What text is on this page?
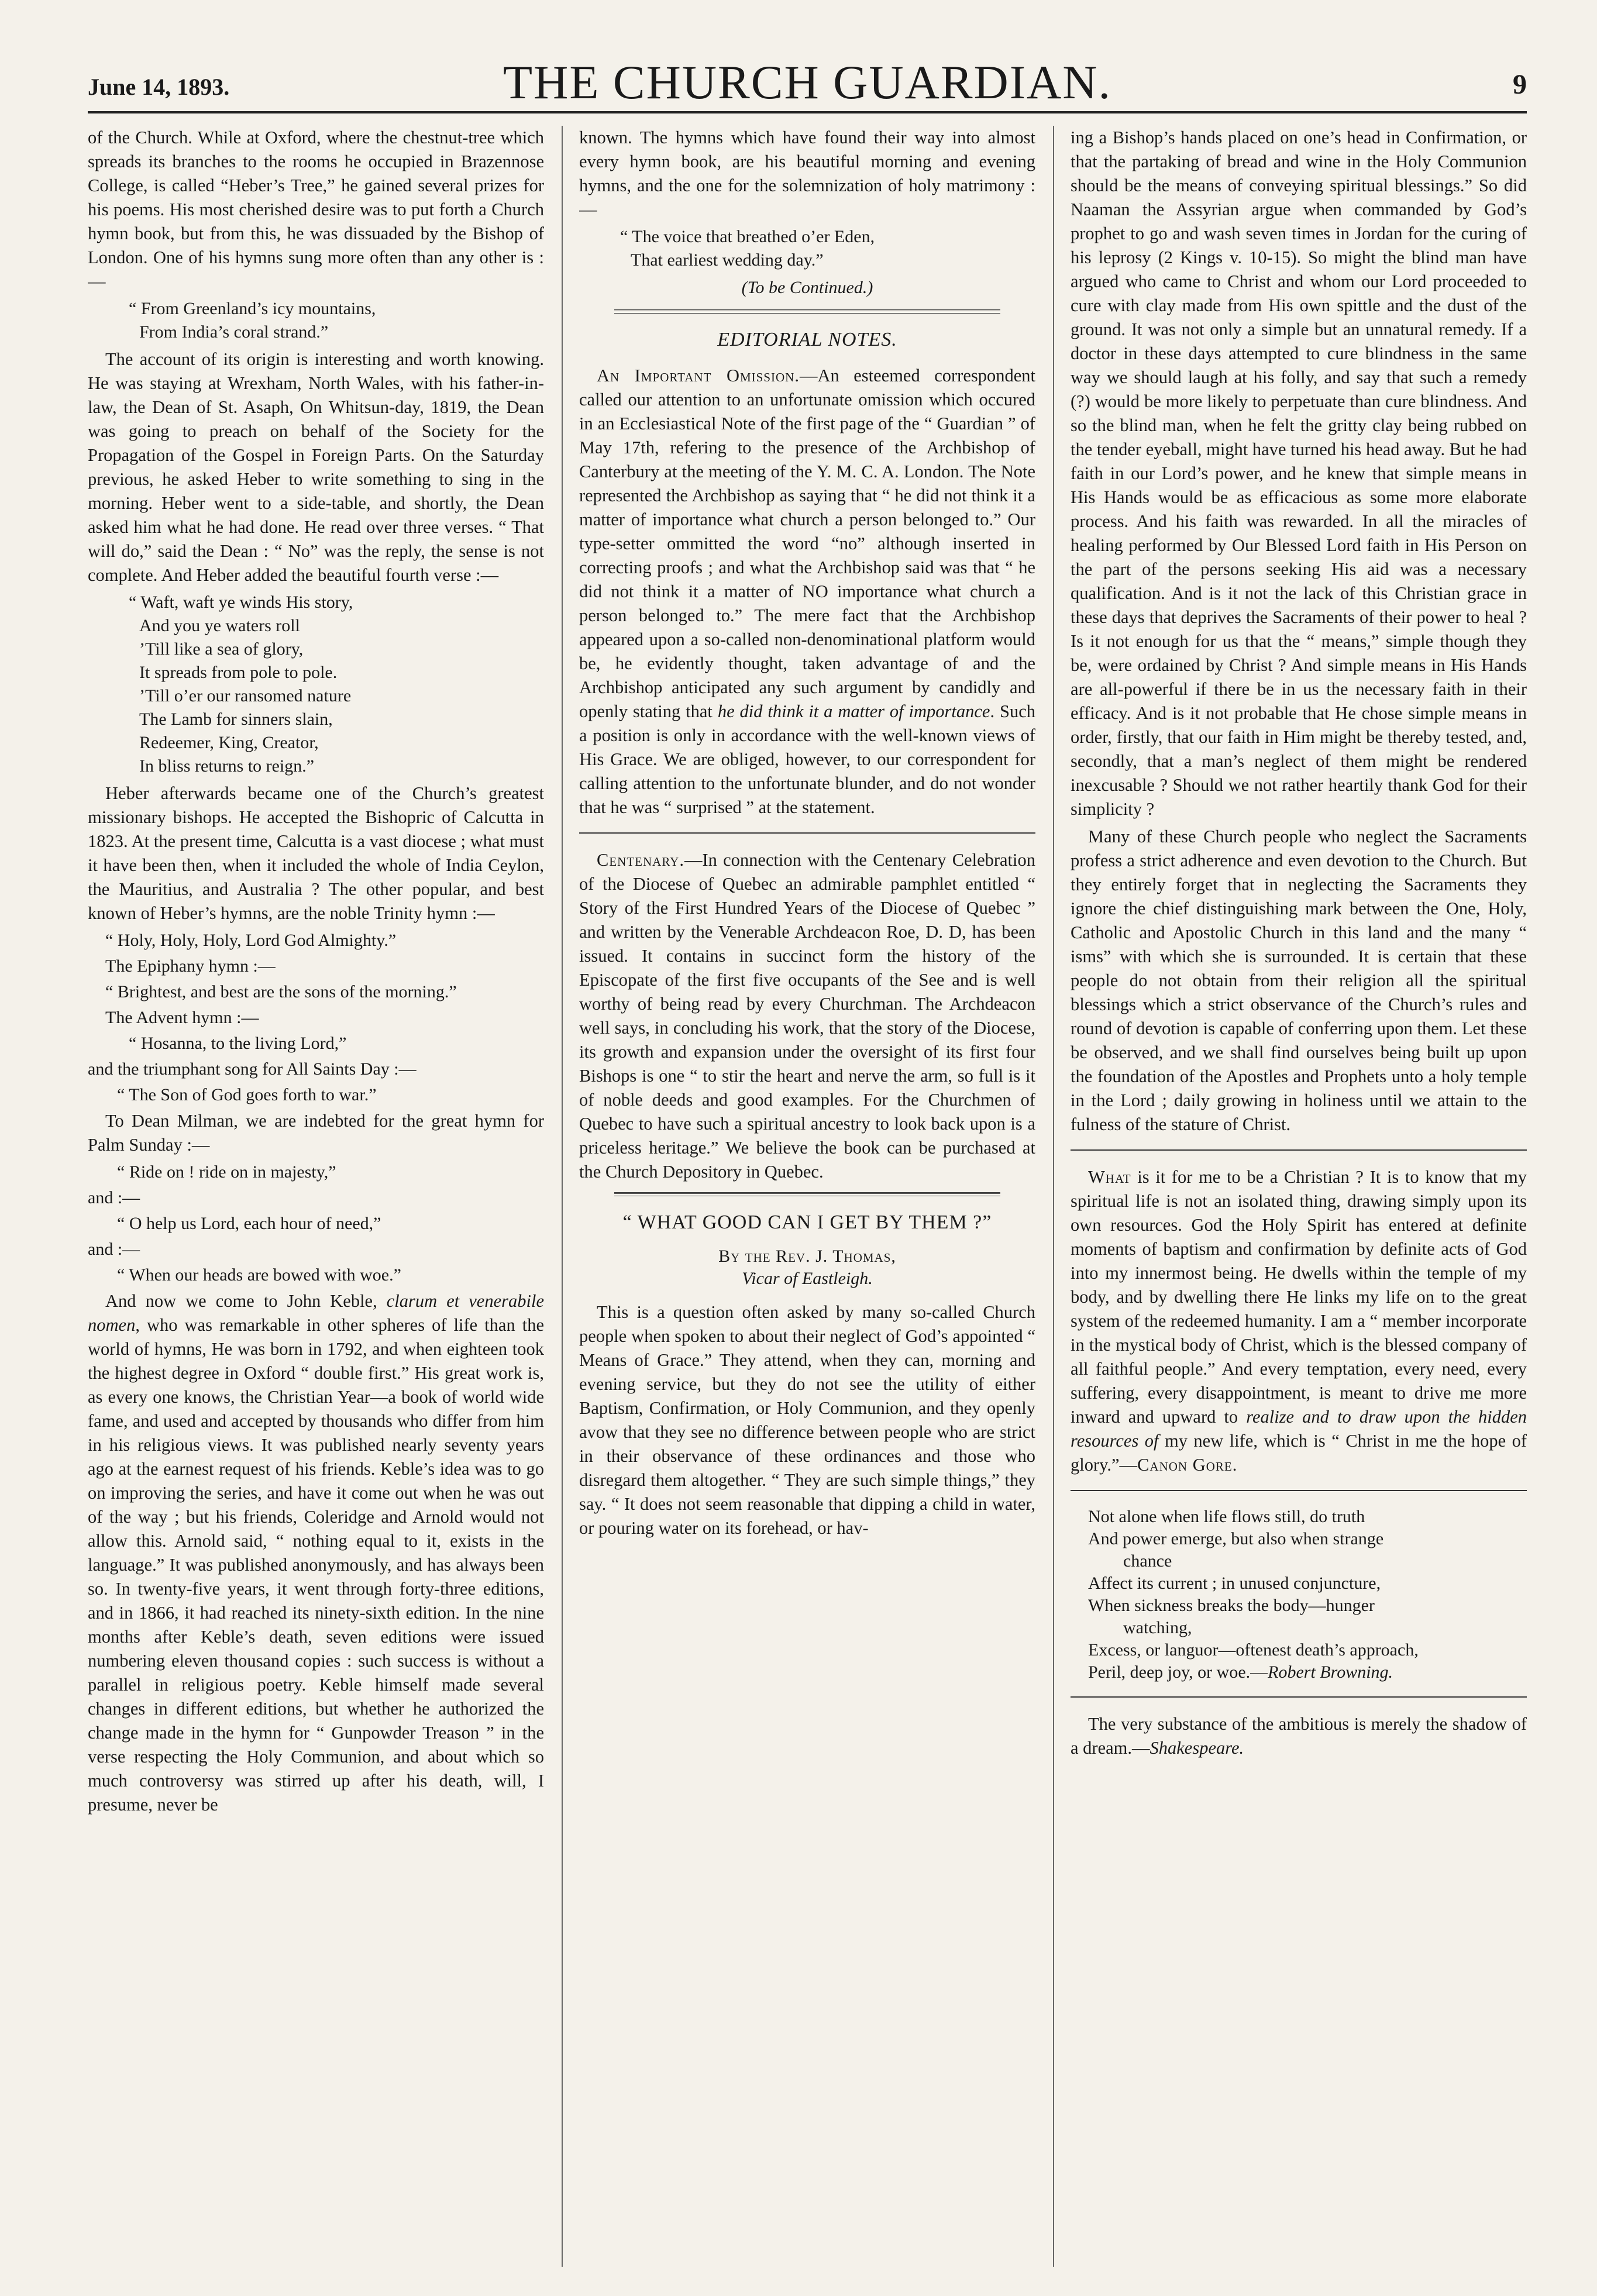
June 14, 1893.	THE CHURCH GUARDIAN.	9

of the Church. While at Oxford, where the chestnut-tree which spreads its branches to the rooms he occupied in Brazennose College, is called “Heber’s Tree,” he gained several prizes for his poems. His most cherished desire was to put forth a Church hymn book, but from this, he was dissuaded by the Bishop of London. One of his hymns sung more often than any other is :—

“ From Greenland’s icy mountains,
From India’s coral strand.”

The account of its origin is interesting and worth knowing. He was staying at Wrexham, North Wales, with his father-in-law, the Dean of St. Asaph, On Whitsun-day, 1819, the Dean was going to preach on behalf of the Society for the Propagation of the Gospel in Foreign Parts. On the Saturday previous, he asked Heber to write something to sing in the morning. Heber went to a side-table, and shortly, the Dean asked him what he had done. He read over three verses. “ That will do,” said the Dean : “ No” was the reply, the sense is not complete. And Heber added the beautiful fourth verse :—

“ Waft, waft ye winds His story,
And you ye waters roll
’Till like a sea of glory,
It spreads from pole to pole.
’Till o’er our ransomed nature
The Lamb for sinners slain,
Redeemer, King, Creator,
In bliss returns to reign.”

Heber afterwards became one of the Church’s greatest missionary bishops. He accepted the Bishopric of Calcutta in 1823. At the present time, Calcutta is a vast diocese ; what must it have been then, when it included the whole of India Ceylon, the Mauritius, and Australia ? The other popular, and best known of Heber’s hymns, are the noble Trinity hymn :—

“ Holy, Holy, Holy, Lord God Almighty.”
The Epiphany hymn :—
“ Brightest, and best are the sons of the morning.”
The Advent hymn :—
“ Hosanna, to the living Lord,”
and the triumphant song for All Saints Day :—
“ The Son of God goes forth to war.”

To Dean Milman, we are indebted for the great hymn for Palm Sunday :—

“ Ride on ! ride on in majesty,”
and :—
“ O help us Lord, each hour of need,”
and :—
“ When our heads are bowed with woe.”

And now we come to John Keble, clarum et venerabile nomen, who was remarkable in other spheres of life than the world of hymns, He was born in 1792, and when eighteen took the highest degree in Oxford “ double first.” His great work is, as every one knows, the Christian Year—a book of world wide fame, and used and accepted by thousands who differ from him in his religious views. It was published nearly seventy years ago at the earnest request of his friends. Keble’s idea was to go on improving the series, and have it come out when he was out of the way ; but his friends, Coleridge and Arnold would not allow this. Arnold said, “ nothing equal to it, exists in the language.” It was published anonymously, and has always been so. In twenty-five years, it went through forty-three editions, and in 1866, it had reached its ninety-sixth edition. In the nine months after Keble’s death, seven editions were issued numbering eleven thousand copies : such success is without a parallel in religious poetry. Keble himself made several changes in different editions, but whether he authorized the change made in the hymn for “ Gunpowder Treason ” in the verse respecting the Holy Communion, and about which so much controversy was stirred up after his death, will, I presume, never be

known. The hymns which have found their way into almost every hymn book, are his beautiful morning and evening hymns, and the one for the solemnization of holy matrimony :—

“ The voice that breathed o’er Eden,
That earliest wedding day.”
(To be Continued.)
EDITORIAL NOTES.

An Important Omission.—An esteemed correspondent called our attention to an unfortunate omission which occured in an Ecclesiastical Note of the first page of the “ Guardian ” of May 17th, refering to the presence of the Archbishop of Canterbury at the meeting of the Y. M. C. A. London. The Note represented the Archbishop as saying that “ he did not think it a matter of importance what church a person belonged to.” Our type-setter ommitted the word “no” although inserted in correcting proofs ; and what the Archbishop said was that “ he did not think it a matter of NO importance what church a person belonged to.” The mere fact that the Archbishop appeared upon a so-called non-denominational platform would be, he evidently thought, taken advantage of and the Archbishop anticipated any such argument by candidly and openly stating that he did think it a matter of importance. Such a position is only in accordance with the well-known views of His Grace. We are obliged, however, to our correspondent for calling attention to the unfortunate blunder, and do not wonder that he was “ surprised ” at the statement.

Centenary.—In connection with the Centenary Celebration of the Diocese of Quebec an admirable pamphlet entitled “ Story of the First Hundred Years of the Diocese of Quebec ” and written by the Venerable Archdeacon Roe, D. D, has been issued. It contains in succinct form the history of the Episcopate of the first five occupants of the See and is well worthy of being read by every Churchman. The Archdeacon well says, in concluding his work, that the story of the Diocese, its growth and expansion under the oversight of its first four Bishops is one “ to stir the heart and nerve the arm, so full is it of noble deeds and good examples. For the Churchmen of Quebec to have such a spiritual ancestry to look back upon is a priceless heritage.” We believe the book can be purchased at the Church Depository in Quebec.

“ WHAT GOOD CAN I GET BY THEM ?”
By the Rev. J. Thomas,
Vicar of Eastleigh.

This is a question often asked by many so-called Church people when spoken to about their neglect of God’s appointed “ Means of Grace.” They attend, when they can, morning and evening service, but they do not see the utility of either Baptism, Confirmation, or Holy Communion, and they openly avow that they see no difference between people who are strict in their observance of these ordinances and those who disregard them altogether. “ They are such simple things,” they say. “ It does not seem reasonable that dipping a child in water, or pouring water on its forehead, or hav-

ing a Bishop’s hands placed on one’s head in Confirmation, or that the partaking of bread and wine in the Holy Communion should be the means of conveying spiritual blessings.” So did Naaman the Assyrian argue when commanded by God’s prophet to go and wash seven times in Jordan for the curing of his leprosy (2 Kings v. 10-15). So might the blind man have argued who came to Christ and whom our Lord proceeded to cure with clay made from His own spittle and the dust of the ground. It was not only a simple but an unnatural remedy. If a doctor in these days attempted to cure blindness in the same way we should laugh at his folly, and say that such a remedy (?) would be more likely to perpetuate than cure blindness. And so the blind man, when he felt the gritty clay being rubbed on the tender eyeball, might have turned his head away. But he had faith in our Lord’s power, and he knew that simple means in His Hands would be as efficacious as some more elaborate process. And his faith was rewarded. In all the miracles of healing performed by Our Blessed Lord faith in His Person on the part of the persons seeking His aid was a necessary qualification. And is it not the lack of this Christian grace in these days that deprives the Sacraments of their power to heal ? Is it not enough for us that the “ means,” simple though they be, were ordained by Christ ? And simple means in His Hands are all-powerful if there be in us the necessary faith in their efficacy. And is it not probable that He chose simple means in order, firstly, that our faith in Him might be thereby tested, and, secondly, that a man’s neglect of them might be rendered inexcusable ? Should we not rather heartily thank God for their simplicity ?

Many of these Church people who neglect the Sacraments profess a strict adherence and even devotion to the Church. But they entirely forget that in neglecting the Sacraments they ignore the chief distinguishing mark between the One, Holy, Catholic and Apostolic Church in this land and the many “ isms” with which she is surrounded. It is certain that these people do not obtain from their religion all the spiritual blessings which a strict observance of the Church’s rules and round of devotion is capable of conferring upon them. Let these be observed, and we shall find ourselves being built up upon the foundation of the Apostles and Prophets unto a holy temple in the Lord ; daily growing in holiness until we attain to the fulness of the stature of Christ.

What is it for me to be a Christian ? It is to know that my spiritual life is not an isolated thing, drawing simply upon its own resources. God the Holy Spirit has entered at definite moments of baptism and confirmation by definite acts of God into my innermost being. He dwells within the temple of my body, and by dwelling there He links my life on to the great system of the redeemed humanity. I am a “ member incorporate in the mystical body of Christ, which is the blessed company of all faithful people.” And every temptation, every need, every suffering, every disappointment, is meant to drive me more inward and upward to realize and to draw upon the hidden resources of my new life, which is “ Christ in me the hope of glory.”—Canon Gore.

Not alone when life flows still, do truth
And power emerge, but also when strange
chance
Affect its current ; in unused conjuncture,
When sickness breaks the body—hunger
watching,
Excess, or languor—oftenest death’s approach,
Peril, deep joy, or woe.—Robert Browning.

The very substance of the ambitious is merely the shadow of a dream.—Shakespeare.
